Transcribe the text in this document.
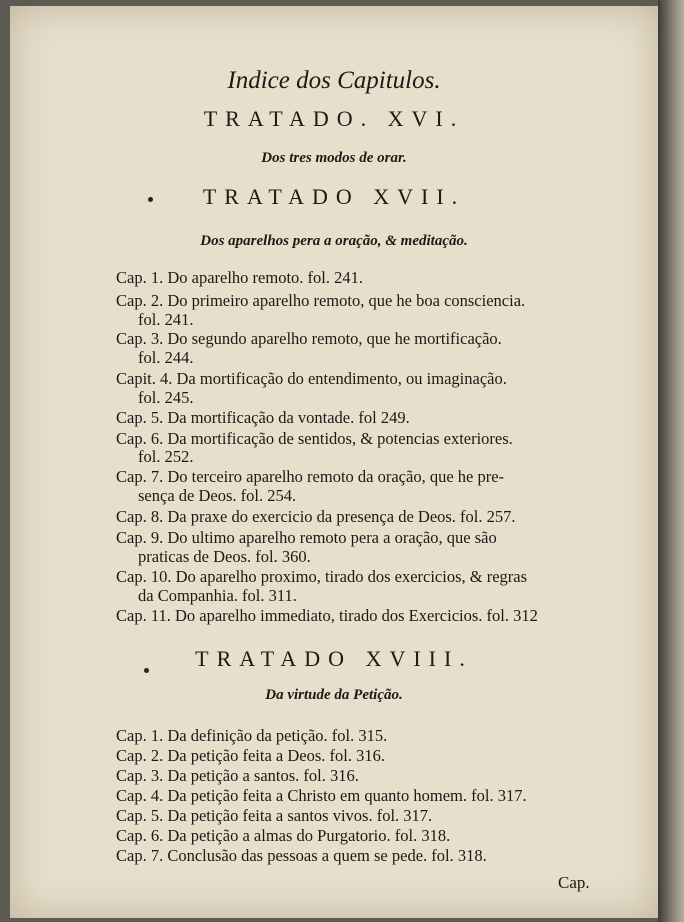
Indice dos Capitulos.
TRATADO. XVI.
Dos tres modos de orar.
TRATADO XVII.
Dos aparelhos pera a oração, & meditação.
Cap. 1. Do aparelho remoto. fol. 241.
Cap. 2. Do primeiro aparelho remoto, que he boa consciencia.
fol. 241.
Cap. 3. Do segundo aparelho remoto, que he mortificação.
fol. 244.
Capit. 4. Da mortificação do entendimento, ou imaginação.
fol. 245.
Cap. 5. Da mortificação da vontade. fol 249.
Cap. 6. Da mortificação de sentidos, & potencias exteriores.
fol. 252.
Cap. 7. Do terceiro aparelho remoto da oração, que he pre-
sença de Deos. fol. 254.
Cap. 8. Da praxe do exercicio da presença de Deos. fol. 257.
Cap. 9. Do ultimo aparelho remoto pera a oração, que são
praticas de Deos. fol. 360.
Cap. 10. Do aparelho proximo, tirado dos exercicios, & regras
da Companhia. fol. 311.
Cap. 11. Do aparelho immediato, tirado dos Exercicios. fol. 312
TRATADO XVIII.
Da virtude da Petição.
Cap. 1. Da definição da petição. fol. 315.
Cap. 2. Da petição feita a Deos. fol. 316.
Cap. 3. Da petição a santos. fol. 316.
Cap. 4. Da petição feita a Christo em quanto homem. fol. 317.
Cap. 5. Da petição feita a santos vivos. fol. 317.
Cap. 6. Da petição a almas do Purgatorio. fol. 318.
Cap. 7. Conclusão das pessoas a quem se pede. fol. 318.
Cap.
